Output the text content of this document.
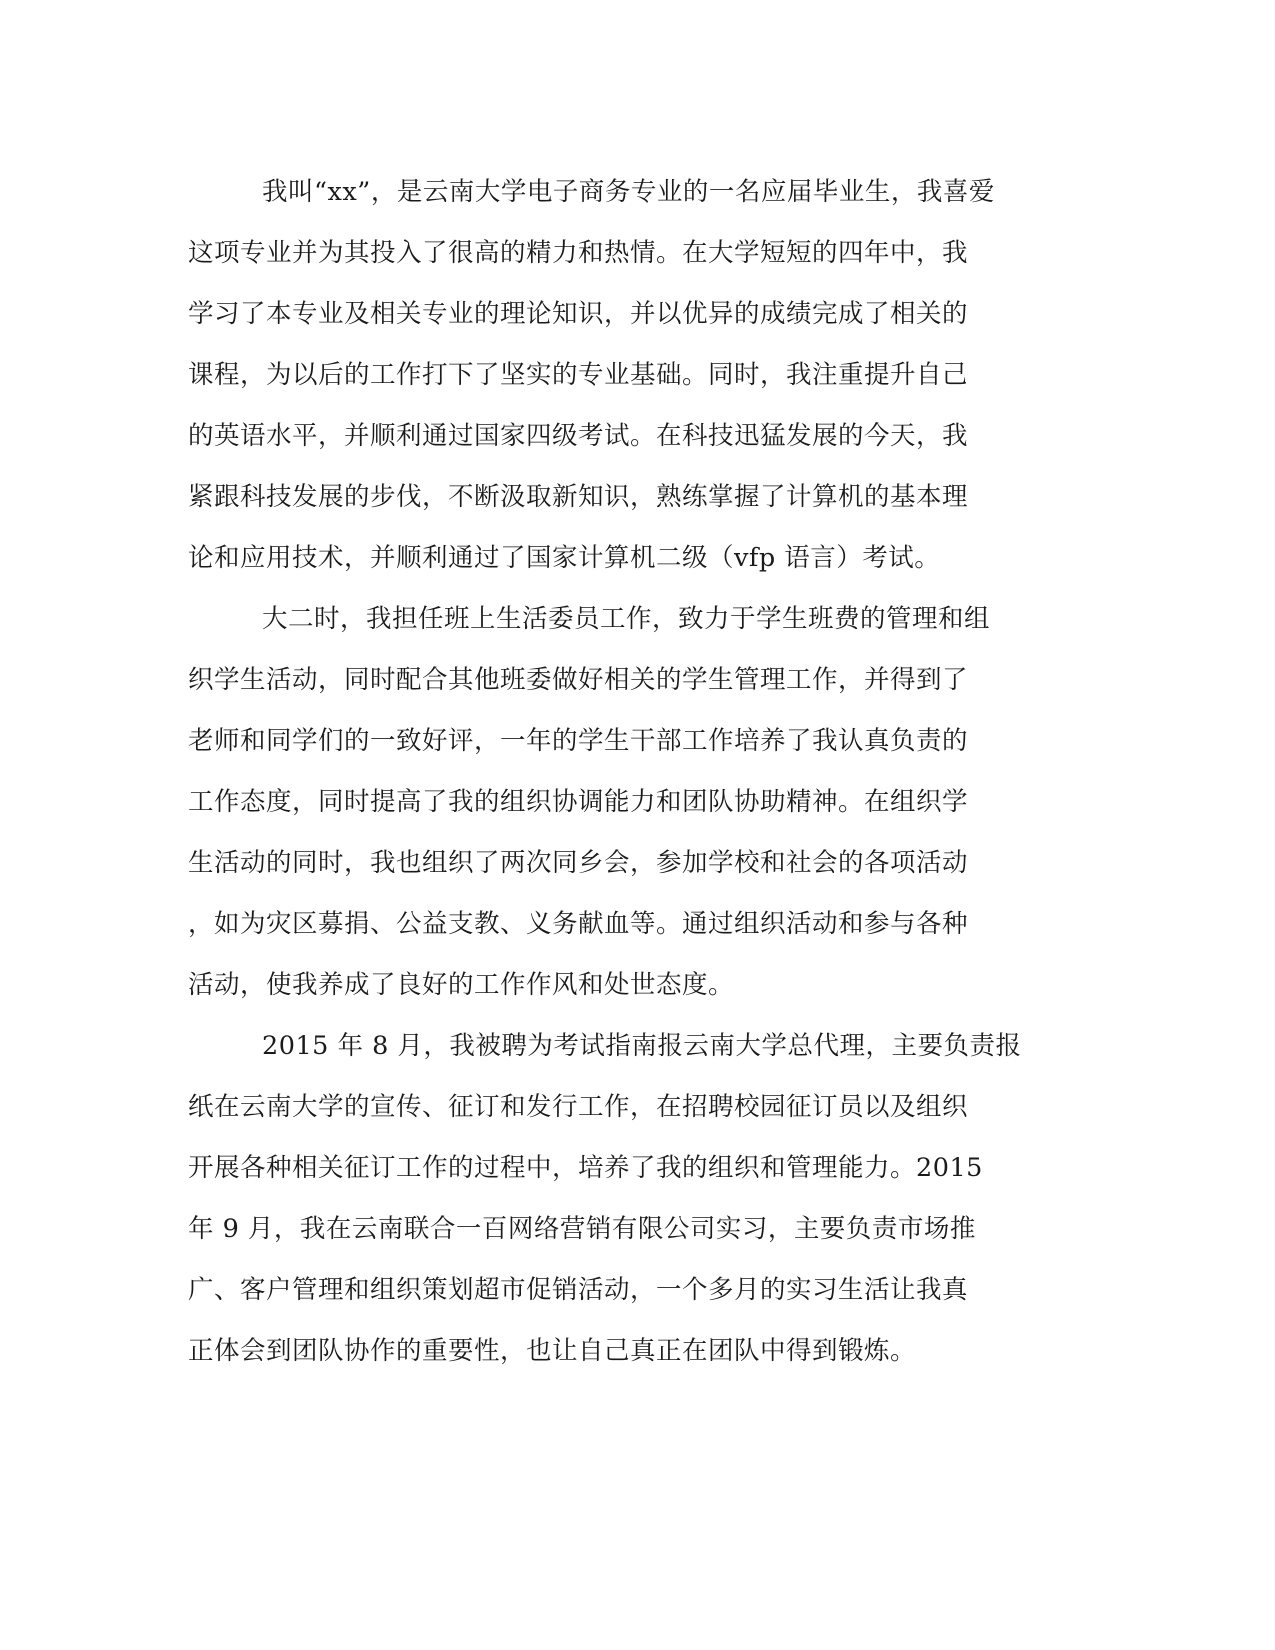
我叫“xx”，是云南大学电子商务专业的一名应届毕业生，我喜爱
这项专业并为其投入了很高的精力和热情。在大学短短的四年中，我
学习了本专业及相关专业的理论知识，并以优异的成绩完成了相关的
课程，为以后的工作打下了坚实的专业基础。同时，我注重提升自己
的英语水平，并顺利通过国家四级考试。在科技迅猛发展的今天，我
紧跟科技发展的步伐，不断汲取新知识，熟练掌握了计算机的基本理
论和应用技术，并顺利通过了国家计算机二级（vfp 语言）考试。
大二时，我担任班上生活委员工作，致力于学生班费的管理和组
织学生活动，同时配合其他班委做好相关的学生管理工作，并得到了
老师和同学们的一致好评，一年的学生干部工作培养了我认真负责的
工作态度，同时提高了我的组织协调能力和团队协助精神。在组织学
生活动的同时，我也组织了两次同乡会，参加学校和社会的各项活动
，如为灾区募捐、公益支教、义务献血等。通过组织活动和参与各种
活动，使我养成了良好的工作作风和处世态度。
2015 年 8 月，我被聘为考试指南报云南大学总代理，主要负责报
纸在云南大学的宣传、征订和发行工作，在招聘校园征订员以及组织
开展各种相关征订工作的过程中，培养了我的组织和管理能力。2015
年 9 月，我在云南联合一百网络营销有限公司实习，主要负责市场推
广、客户管理和组织策划超市促销活动，一个多月的实习生活让我真
正体会到团队协作的重要性，也让自己真正在团队中得到锻炼。
